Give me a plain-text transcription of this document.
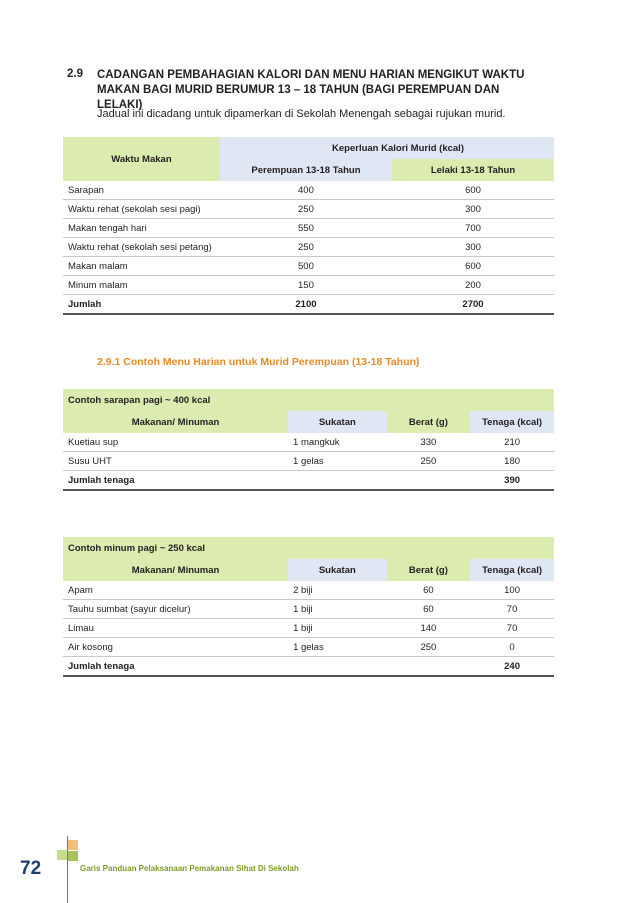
2.9 CADANGAN PEMBAHAGIAN KALORI DAN MENU HARIAN MENGIKUT WAKTU MAKAN BAGI MURID BERUMUR 13 – 18 TAHUN (BAGI PEREMPUAN DAN LELAKI)
Jadual ini dicadang untuk dipamerkan di Sekolah Menengah sebagai rujukan murid.
Waktu Makan	Keperluan Kalori Murid (kcal)	
	Perempuan 13-18 Tahun	Lelaki 13-18 Tahun
Sarapan	400	600
Waktu rehat (sekolah sesi pagi)	250	300
Makan tengah hari	550	700
Waktu rehat (sekolah sesi petang)	250	300
Makan malam	500	600
Minum malam	150	200
Jumlah	2100	2700
2.9.1 Contoh Menu Harian untuk Murid Perempuan (13-18 Tahun)
Contoh sarapan pagi ~ 400 kcal			
Makanan/ Minuman	Sukatan	Berat (g)	Tenaga (kcal)
Kuetiau sup	1 mangkuk	330	210
Susu UHT	1 gelas	250	180
Jumlah tenaga			390
Contoh minum pagi ~ 250 kcal			
Makanan/ Minuman	Sukatan	Berat (g)	Tenaga (kcal)
Apam	2 biji	60	100
Tauhu sumbat (sayur dicelur)	1 biji	60	70
Limau	1 biji	140	70
Air kosong	1 gelas	250	0
Jumlah tenaga			240
72	Garis Panduan Pelaksanaan Pemakanan Sihat Di Sekolah
